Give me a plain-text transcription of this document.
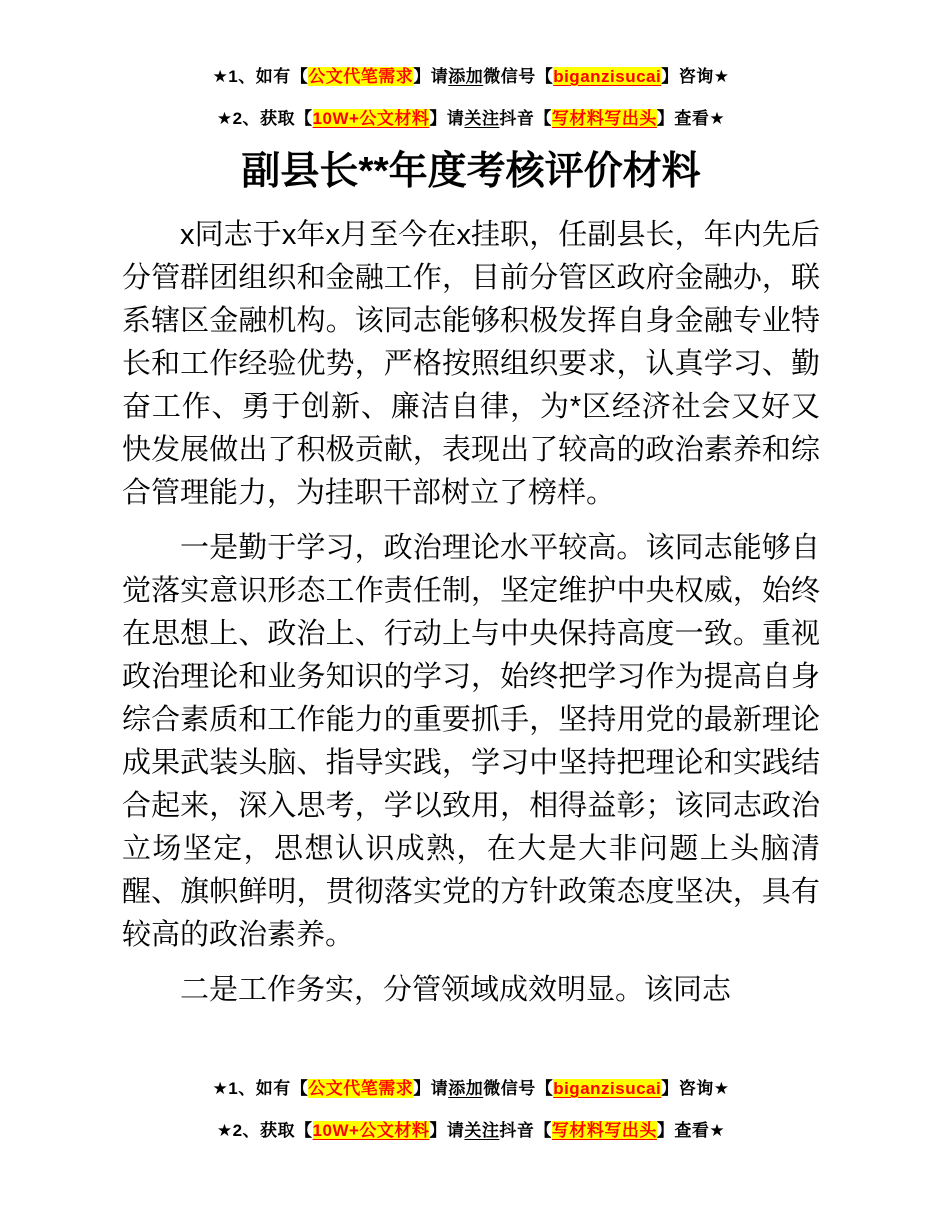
★1、如有【公文代笔需求】请添加微信号【biganzisucai】咨询★
★2、获取【10W+公文材料】请关注抖音【写材料写出头】查看★
副县长**年度考核评价材料

x同志于x年x月至今在x挂职，任副县长，年内先后分管群团组织和金融工作，目前分管区政府金融办，联系辖区金融机构。该同志能够积极发挥自身金融专业特长和工作经验优势，严格按照组织要求，认真学习、勤奋工作、勇于创新、廉洁自律，为*区经济社会又好又快发展做出了积极贡献，表现出了较高的政治素养和综合管理能力，为挂职干部树立了榜样。

一是勤于学习，政治理论水平较高。该同志能够自觉落实意识形态工作责任制，坚定维护中央权威，始终在思想上、政治上、行动上与中央保持高度一致。重视政治理论和业务知识的学习，始终把学习作为提高自身综合素质和工作能力的重要抓手，坚持用党的最新理论成果武装头脑、指导实践，学习中坚持把理论和实践结合起来，深入思考，学以致用，相得益彰；该同志政治立场坚定，思想认识成熟，在大是大非问题上头脑清醒、旗帜鲜明，贯彻落实党的方针政策态度坚决，具有较高的政治素养。

二是工作务实，分管领域成效明显。该同志

★1、如有【公文代笔需求】请添加微信号【biganzisucai】咨询★
★2、获取【10W+公文材料】请关注抖音【写材料写出头】查看★
